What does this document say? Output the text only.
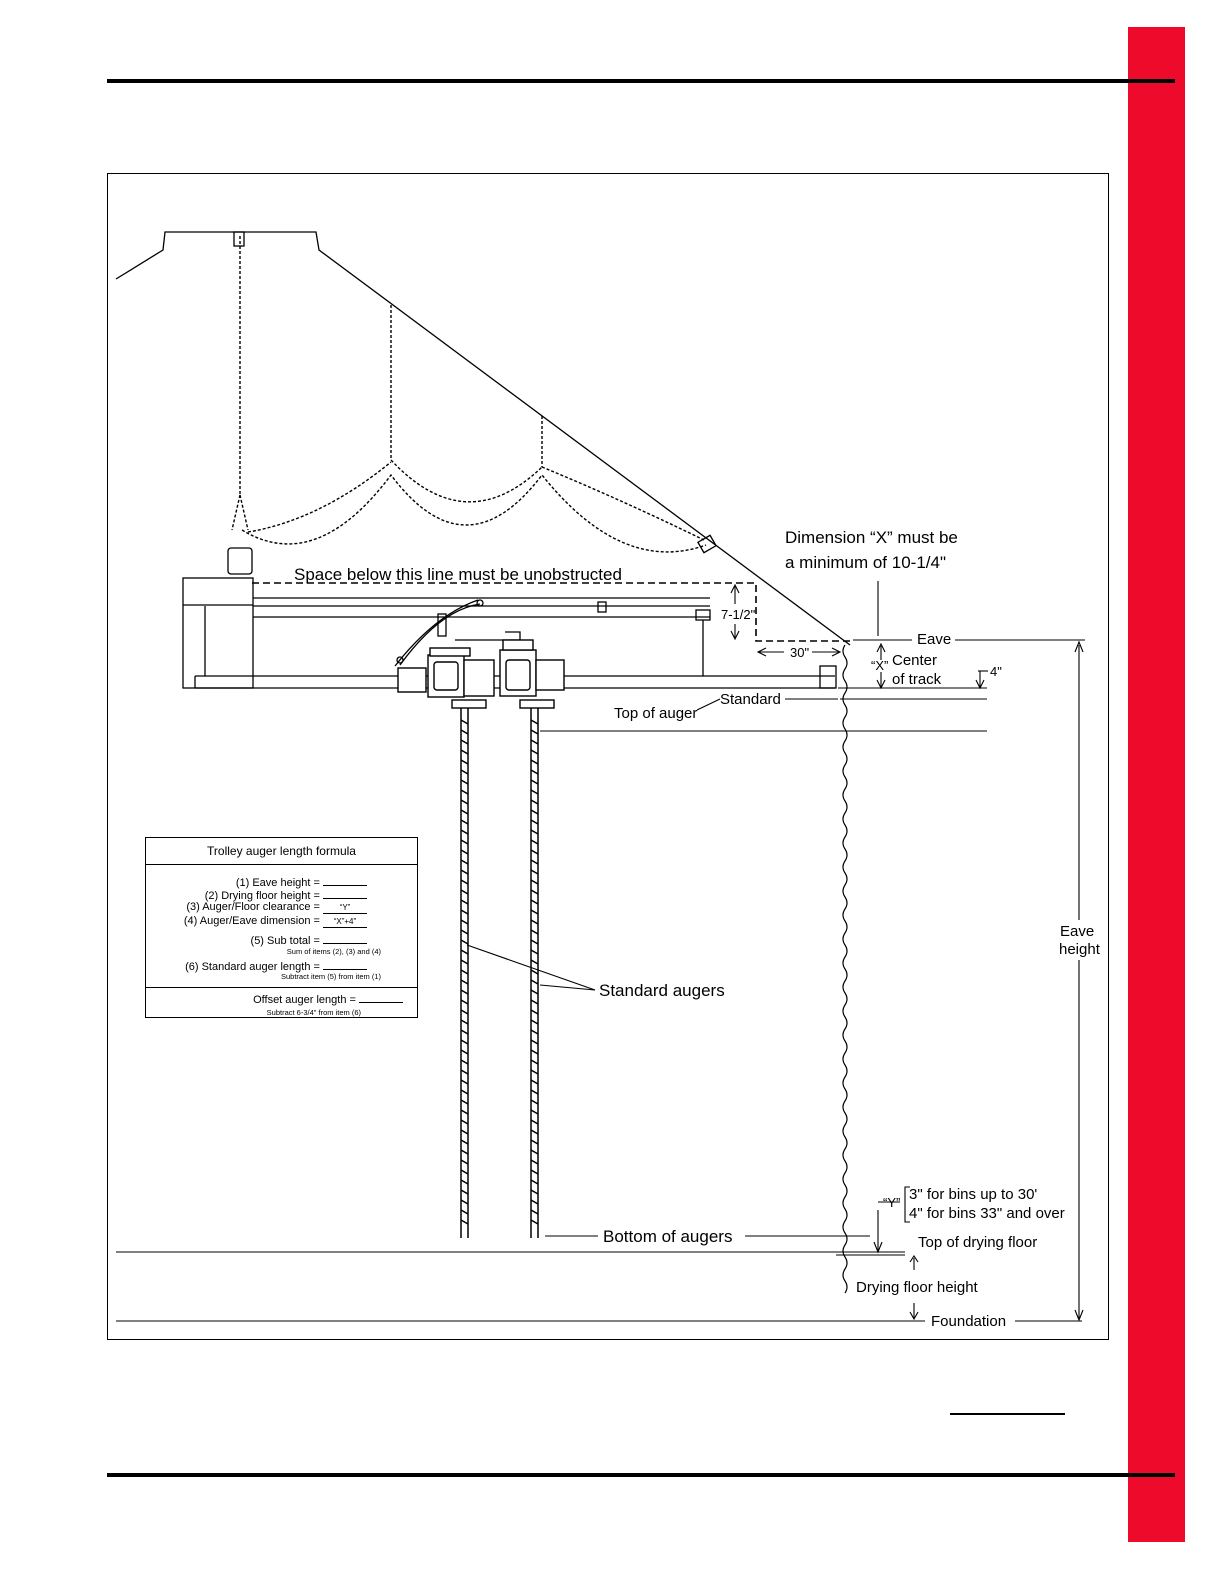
Space below this line must be unobstructed
Dimension “X” must be
a minimum of 10-1/4"
7-1/2"
30"
Eave
“X” Center
of track	4"
Standard
Top of auger
Eave
height
Standard augers
“Y” 3" for bins up to 30'
4" for bins 33" and over
Bottom of augers	Top of drying floor
Drying floor height
Foundation
Trolley auger length formula
(1) Eave height =
(2) Drying floor height =
(3) Auger/Floor clearance = “Y”
(4) Auger/Eave dimension = “X”+4"
(5) Sub total =
Sum of items (2), (3) and (4)
(6) Standard auger length =
Subtract item (5) from item (1)
Offset auger length =
Subtract 6-3/4" from item (6)
